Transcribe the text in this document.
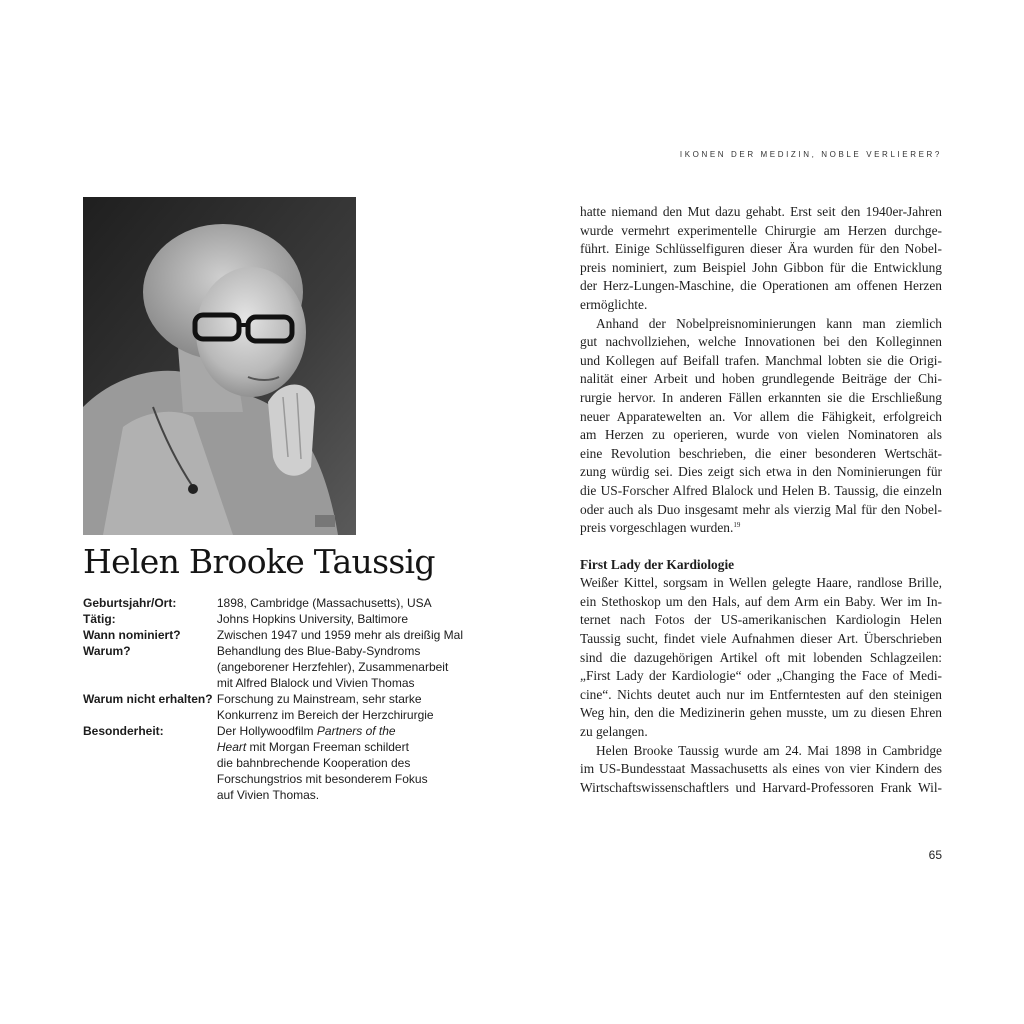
IKONEN DER MEDIZIN, NOBLE VERLIERER?
Helen Brooke Taussig
Geburtsjahr/Ort:	1898, Cambridge (Massachusetts), USA

Tätig:	Johns Hopkins University, Baltimore

Wann nominiert?	Zwischen 1947 und 1959 mehr als dreißig Mal

Warum?	Behandlung des Blue-Baby-Syndroms
(angeborener Herzfehler), Zusammenarbeit
mit Alfred Blalock und Vivien Thomas

Warum nicht erhalten?	Forschung zu Mainstream, sehr starke
Konkurrenz im Bereich der Herzchirurgie

Besonderheit:	Der Hollywoodfilm Partners of the
Heart mit Morgan Freeman schildert
die bahnbrechende Kooperation des
Forschungstrios mit besonderem Fokus
auf Vivien Thomas.

hatte niemand den Mut dazu gehabt. Erst seit den 1940er-Jahren
wurde vermehrt experimentelle Chirurgie am Herzen durchge-
führt. Einige Schlüsselfiguren dieser Ära wurden für den Nobel-
preis nominiert, zum Beispiel John Gibbon für die Entwicklung
der Herz-Lungen-Maschine, die Operationen am offenen Herzen
ermöglichte.

Anhand der Nobelpreisnominierungen kann man ziemlich
gut nachvollziehen, welche Innovationen bei den Kolleginnen
und Kollegen auf Beifall trafen. Manchmal lobten sie die Origi-
nalität einer Arbeit und hoben grundlegende Beiträge der Chi-
rurgie hervor. In anderen Fällen erkannten sie die Erschließung
neuer Apparatewelten an. Vor allem die Fähigkeit, erfolgreich
am Herzen zu operieren, wurde von vielen Nominatoren als
eine Revolution beschrieben, die einer besonderen Wertschät-
zung würdig sei. Dies zeigt sich etwa in den Nominierungen für
die US-Forscher Alfred Blalock und Helen B. Taussig, die einzeln
oder auch als Duo insgesamt mehr als vierzig Mal für den Nobel-
preis vorgeschlagen wurden.$^{19}$

First Lady der Kardiologie

Weißer Kittel, sorgsam in Wellen gelegte Haare, randlose Brille,
ein Stethoskop um den Hals, auf dem Arm ein Baby. Wer im In-
ternet nach Fotos der US-amerikanischen Kardiologin Helen
Taussig sucht, findet viele Aufnahmen dieser Art. Überschrieben
sind die dazugehörigen Artikel oft mit lobenden Schlagzeilen:
„First Lady der Kardiologie“ oder „Changing the Face of Medi-
cine“. Nichts deutet auch nur im Entferntesten auf den steinigen
Weg hin, den die Medizinerin gehen musste, um zu diesen Ehren
zu gelangen.

Helen Brooke Taussig wurde am 24. Mai 1898 in Cambridge
im US-Bundesstaat Massachusetts als eines von vier Kindern des
Wirtschaftswissenschaftlers und Harvard-Professoren Frank Wil-

65
